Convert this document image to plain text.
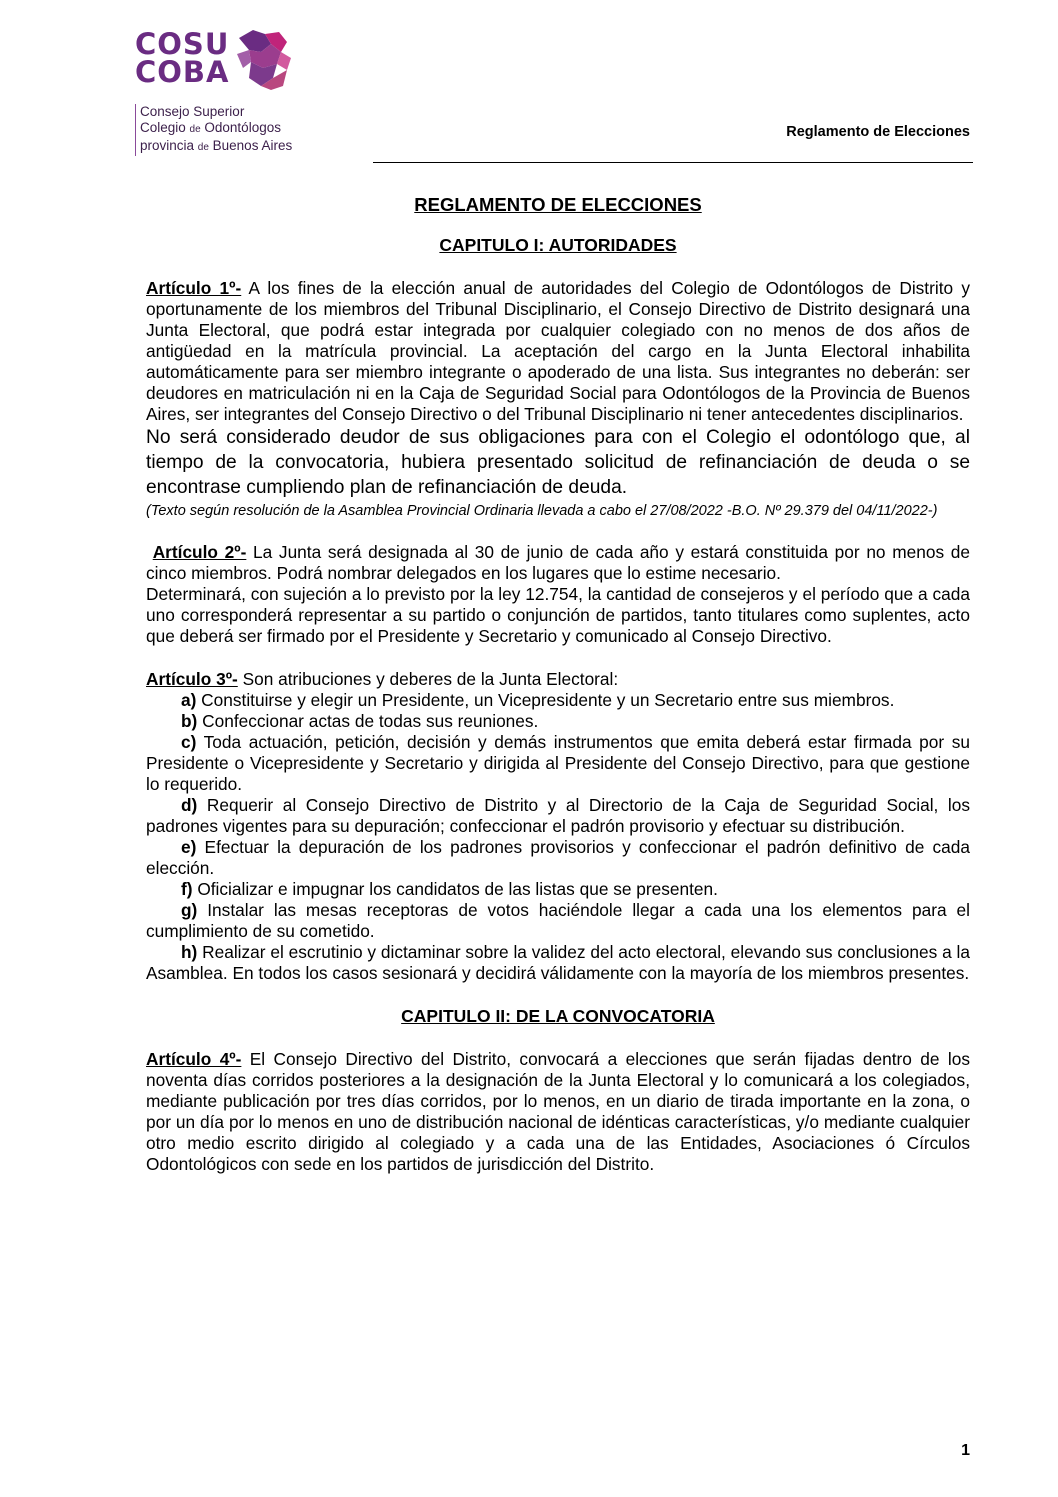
COSU
COBA
Consejo Superior
Colegio de Odontólogos
provincia de Buenos Aires
Reglamento de Elecciones

REGLAMENTO DE ELECCIONES

CAPITULO I: AUTORIDADES

Artículo 1º- A los fines de la elección anual de autoridades del Colegio de Odontólogos de Distrito y oportunamente de los miembros del Tribunal Disciplinario, el Consejo Directivo de Distrito designará una Junta Electoral, que podrá estar integrada por cualquier colegiado con no menos de dos años de antigüedad en la matrícula provincial. La aceptación del cargo en la Junta Electoral inhabilita automáticamente para ser miembro integrante o apoderado de una lista. Sus integrantes no deberán: ser deudores en matriculación ni en la Caja de Seguridad Social para Odontólogos de la Provincia de Buenos Aires, ser integrantes del Consejo Directivo o del Tribunal Disciplinario ni tener antecedentes disciplinarios.

No será considerado deudor de sus obligaciones para con el Colegio el odontólogo que, al tiempo de la convocatoria, hubiera presentado solicitud de refinanciación de deuda o se encontrase cumpliendo plan de refinanciación de deuda.

(Texto según resolución de la Asamblea Provincial Ordinaria llevada a cabo el 27/08/2022 -B.O. Nº 29.379 del 04/11/2022-)

Artículo 2º- La Junta será designada al 30 de junio de cada año y estará constituida por no menos de cinco miembros. Podrá nombrar delegados en los lugares que lo estime necesario.

Determinará, con sujeción a lo previsto por la ley 12.754, la cantidad de consejeros y el período que a cada uno corresponderá representar a su partido o conjunción de partidos, tanto titulares como suplentes, acto que deberá ser firmado por el Presidente y Secretario y comunicado al Consejo Directivo.

Artículo 3º- Son atribuciones y deberes de la Junta Electoral:

a) Constituirse y elegir un Presidente, un Vicepresidente y un Secretario entre sus miembros.

b) Confeccionar actas de todas sus reuniones.

c) Toda actuación, petición, decisión y demás instrumentos que emita deberá estar firmada por su Presidente o Vicepresidente y Secretario y dirigida al Presidente del Consejo Directivo, para que gestione lo requerido.

d) Requerir al Consejo Directivo de Distrito y al Directorio de la Caja de Seguridad Social, los padrones vigentes para su depuración; confeccionar el padrón provisorio y efectuar su distribución.

e) Efectuar la depuración de los padrones provisorios y confeccionar el padrón definitivo de cada elección.

f) Oficializar e impugnar los candidatos de las listas que se presenten.

g) Instalar las mesas receptoras de votos haciéndole llegar a cada una los elementos para el cumplimiento de su cometido.

h) Realizar el escrutinio y dictaminar sobre la validez del acto electoral, elevando sus conclusiones a la Asamblea. En todos los casos sesionará y decidirá válidamente con la mayoría de los miembros presentes.

CAPITULO II: DE LA CONVOCATORIA

Artículo 4º- El Consejo Directivo del Distrito, convocará a elecciones que serán fijadas dentro de los noventa días corridos posteriores a la designación de la Junta Electoral y lo comunicará a los colegiados, mediante publicación por tres días corridos, por lo menos, en un diario de tirada importante en la zona, o por un día por lo menos en uno de distribución nacional de idénticas características, y/o mediante cualquier otro medio escrito dirigido al colegiado y a cada una de las Entidades, Asociaciones ó Círculos Odontológicos con sede en los partidos de jurisdicción del Distrito.

1
